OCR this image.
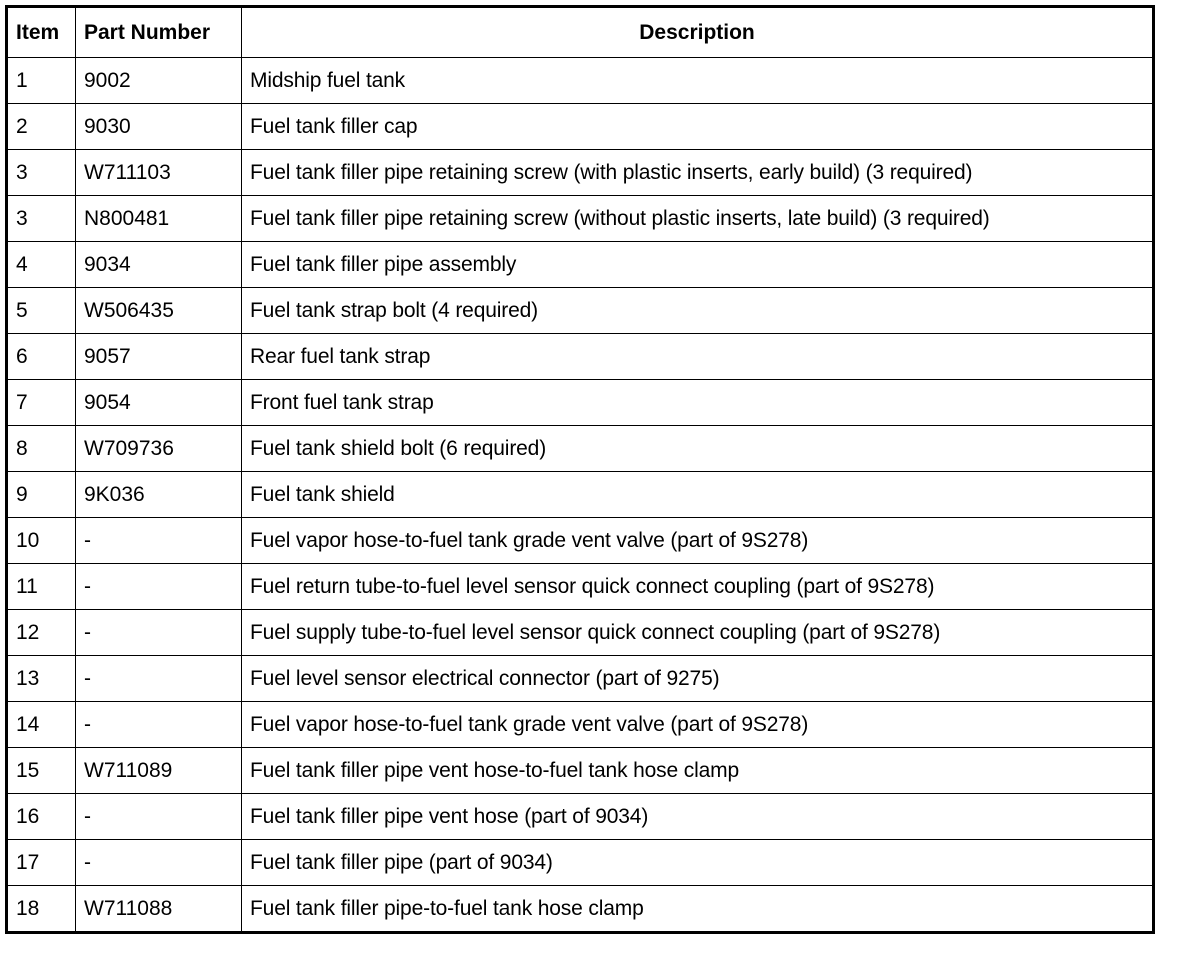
Item	Part Number	Description
1	9002	Midship fuel tank
2	9030	Fuel tank filler cap
3	W711103	Fuel tank filler pipe retaining screw (with plastic inserts, early build) (3 required)
3	N800481	Fuel tank filler pipe retaining screw (without plastic inserts, late build) (3 required)
4	9034	Fuel tank filler pipe assembly
5	W506435	Fuel tank strap bolt (4 required)
6	9057	Rear fuel tank strap
7	9054	Front fuel tank strap
8	W709736	Fuel tank shield bolt (6 required)
9	9K036	Fuel tank shield
10	-	Fuel vapor hose-to-fuel tank grade vent valve (part of 9S278)
11	-	Fuel return tube-to-fuel level sensor quick connect coupling (part of 9S278)
12	-	Fuel supply tube-to-fuel level sensor quick connect coupling (part of 9S278)
13	-	Fuel level sensor electrical connector (part of 9275)
14	-	Fuel vapor hose-to-fuel tank grade vent valve (part of 9S278)
15	W711089	Fuel tank filler pipe vent hose-to-fuel tank hose clamp
16	-	Fuel tank filler pipe vent hose (part of 9034)
17	-	Fuel tank filler pipe (part of 9034)
18	W711088	Fuel tank filler pipe-to-fuel tank hose clamp
